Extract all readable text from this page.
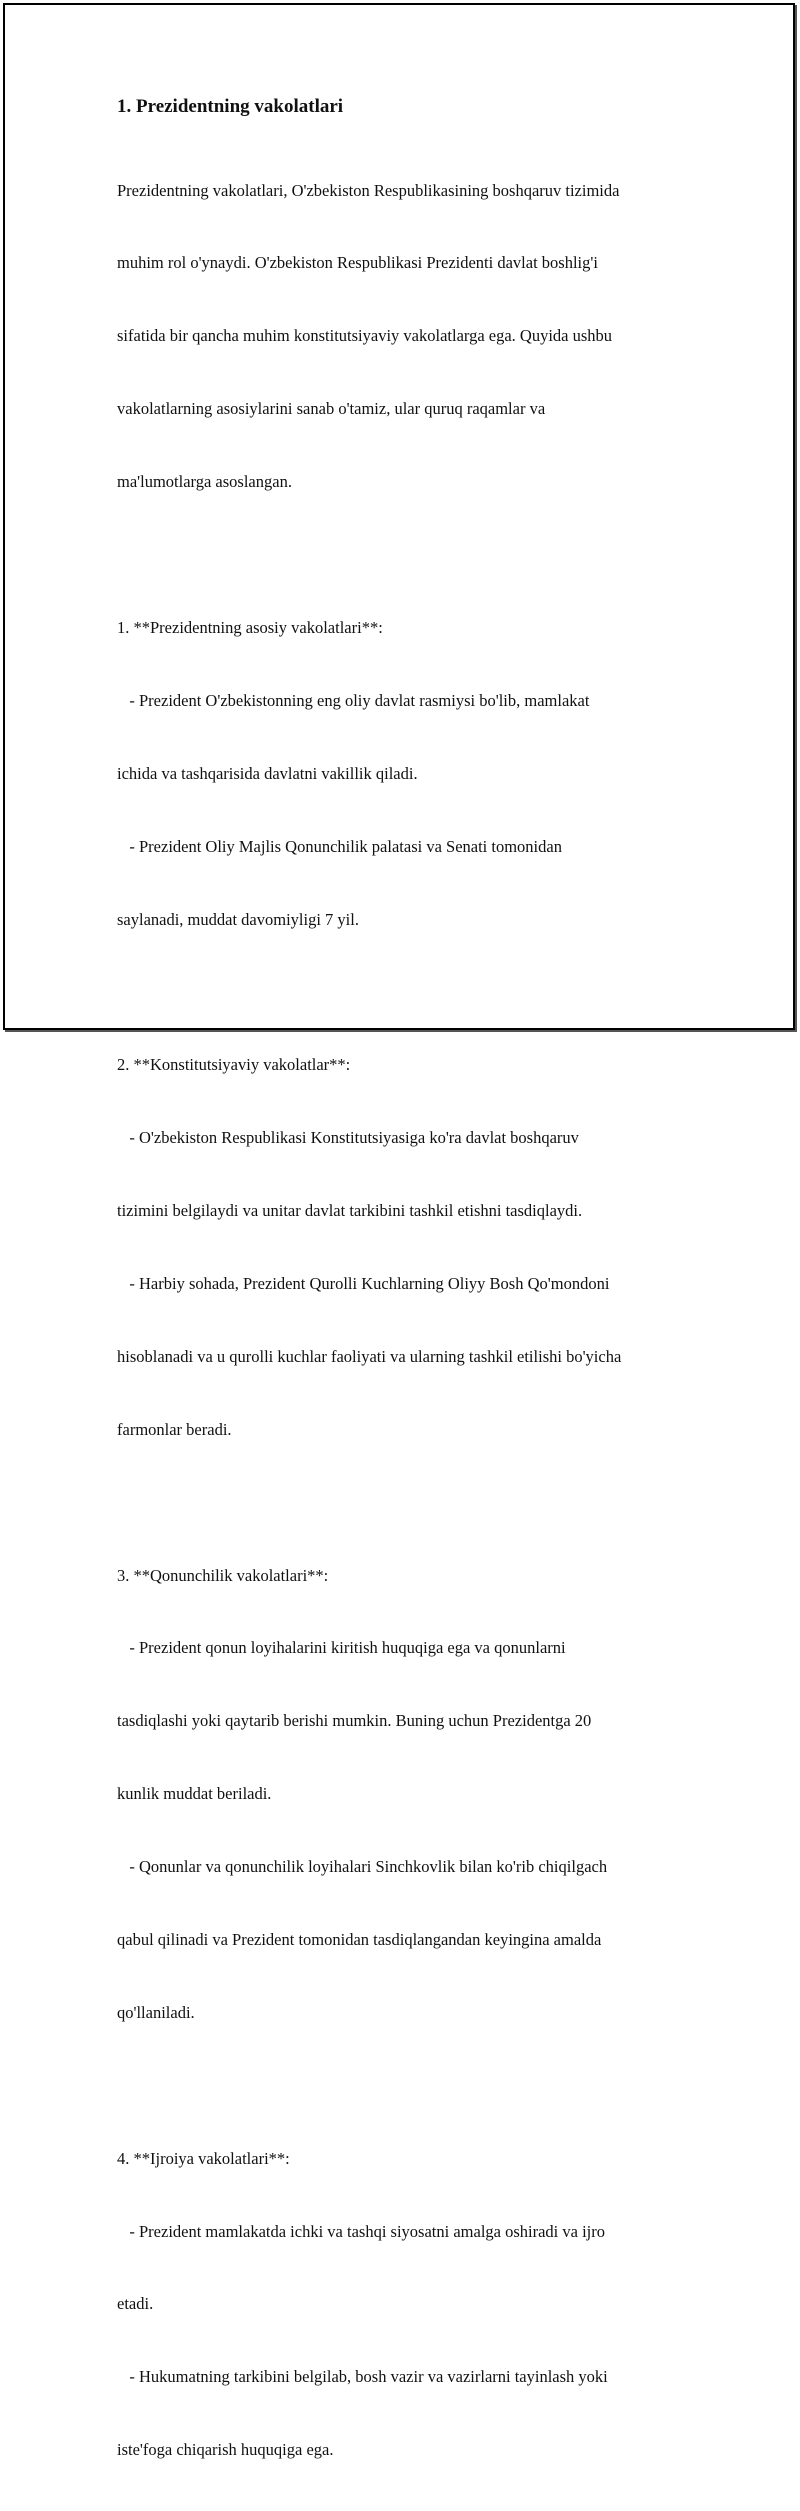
1. Prezidentning vakolatlari

Prezidentning vakolatlari, O'zbekiston Respublikasining boshqaruv tizimida

muhim rol o'ynaydi. O'zbekiston Respublikasi Prezidenti davlat boshlig'i

sifatida bir qancha muhim konstitutsiyaviy vakolatlarga ega. Quyida ushbu

vakolatlarning asosiylarini sanab o'tamiz, ular quruq raqamlar va

ma'lumotlarga asoslangan.

1. **Prezidentning asosiy vakolatlari**:

- Prezident O'zbekistonning eng oliy davlat rasmiysi bo'lib, mamlakat

ichida va tashqarisida davlatni vakillik qiladi.

- Prezident Oliy Majlis Qonunchilik palatasi va Senati tomonidan

saylanadi, muddat davomiyligi 7 yil.

2. **Konstitutsiyaviy vakolatlar**:

- O'zbekiston Respublikasi Konstitutsiyasiga ko'ra davlat boshqaruv

tizimini belgilaydi va unitar davlat tarkibini tashkil etishni tasdiqlaydi.

- Harbiy sohada, Prezident Qurolli Kuchlarning Oliyy Bosh Qo'mondoni

hisoblanadi va u qurolli kuchlar faoliyati va ularning tashkil etilishi bo'yicha

farmonlar beradi.

3. **Qonunchilik vakolatlari**:

- Prezident qonun loyihalarini kiritish huquqiga ega va qonunlarni

tasdiqlashi yoki qaytarib berishi mumkin. Buning uchun Prezidentga 20

kunlik muddat beriladi.

- Qonunlar va qonunchilik loyihalari Sinchkovlik bilan ko'rib chiqilgach

qabul qilinadi va Prezident tomonidan tasdiqlangandan keyingina amalda

qo'llaniladi.

4. **Ijroiya vakolatlari**:

- Prezident mamlakatda ichki va tashqi siyosatni amalga oshiradi va ijro

etadi.

- Hukumatning tarkibini belgilab, bosh vazir va vazirlarni tayinlash yoki

iste'foga chiqarish huquqiga ega.
